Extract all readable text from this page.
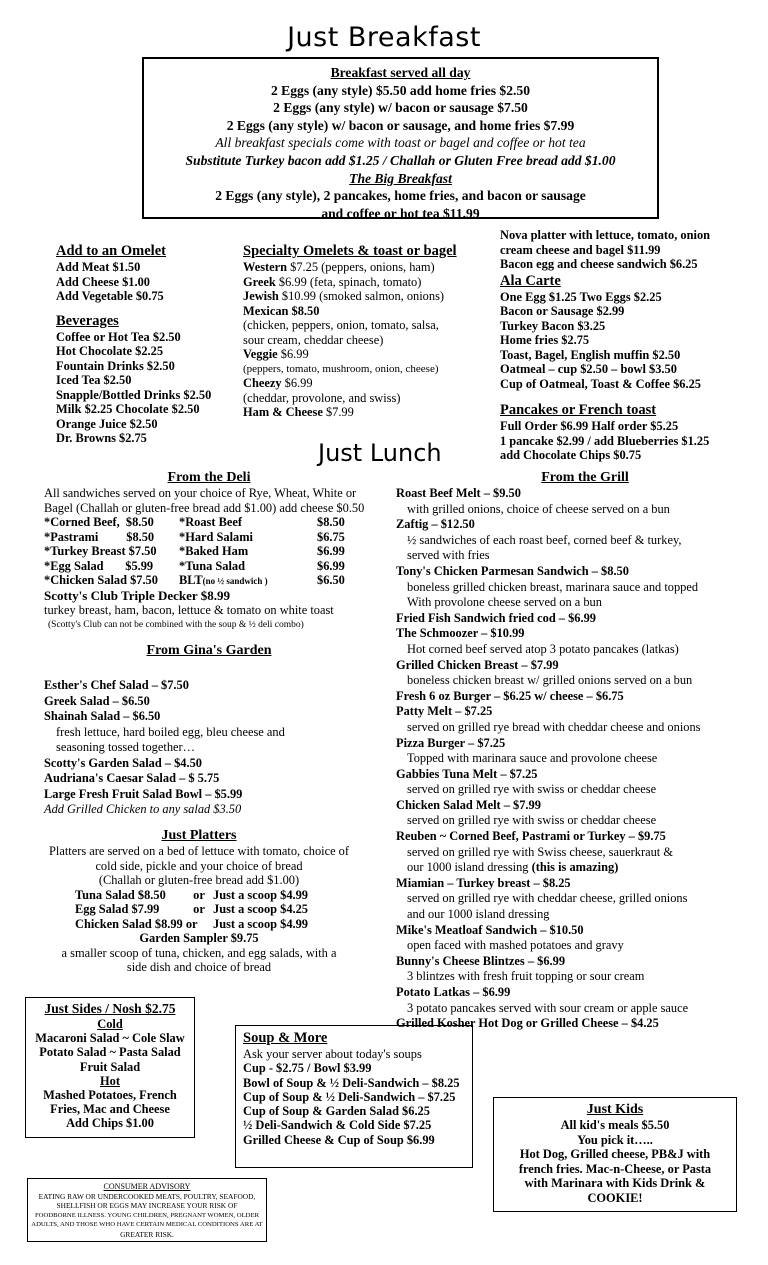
Just Breakfast
Breakfast served all day
2 Eggs (any style) $5.50 add home fries $2.50
2 Eggs (any style) w/ bacon or sausage $7.50
2 Eggs (any style) w/ bacon or sausage, and home fries $7.99
All breakfast specials come with toast or bagel and coffee or hot tea
Substitute Turkey bacon add $1.25 / Challah or Gluten Free bread add $1.00
The Big Breakfast
2 Eggs (any style), 2 pancakes, home fries, and bacon or sausage
and coffee or hot tea $11.99
Add to an Omelet
Add Meat $1.50
Add Cheese $1.00
Add Vegetable $0.75
Beverages
Coffee or Hot Tea $2.50
Hot Chocolate $2.25
Fountain Drinks $2.50
Iced Tea $2.50
Snapple/Bottled Drinks $2.50
Milk $2.25 Chocolate $2.50
Orange Juice $2.50
Dr. Browns $2.75
Specialty Omelets & toast or bagel
Western $7.25 (peppers, onions, ham)
Greek $6.99 (feta, spinach, tomato)
Jewish $10.99 (smoked salmon, onions)
Mexican $8.50
(chicken, peppers, onion, tomato, salsa,
sour cream, cheddar cheese)
Veggie $6.99
(peppers, tomato, mushroom, onion, cheese)
Cheezy $6.99
(cheddar, provolone, and swiss)
Ham & Cheese $7.99
Nova platter with lettuce, tomato, onion
cream cheese and bagel $11.99
Bacon egg and cheese sandwich $6.25
Ala Carte
One Egg $1.25 Two Eggs $2.25
Bacon or Sausage $2.99
Turkey Bacon $3.25
Home fries $2.75
Toast, Bagel, English muffin $2.50
Oatmeal – cup $2.50 – bowl $3.50
Cup of Oatmeal, Toast & Coffee $6.25
Pancakes or French toast
Full Order $6.99 Half order $5.25
1 pancake $2.99 / add Blueberries $1.25
add Chocolate Chips $0.75
Just Lunch
From the Deli
All sandwiches served on your choice of Rye, Wheat, White or
Bagel (Challah or gluten-free bread add $1.00) add cheese $0.50
*Corned Beef,  $8.50	*Roast Beef	$8.50
*Pastrami         $8.50	*Hard Salami	$6.75
*Turkey Breast $7.50	*Baked Ham	$6.99
*Egg Salad       $5.99	*Tuna Salad	$6.99
*Chicken Salad $7.50	BLT(no ½ sandwich )	$6.50
Scotty's Club Triple Decker $8.99
turkey breast, ham, bacon, lettuce & tomato on white toast
(Scotty's Club can not be combined with the soup & ½ deli combo)
From Gina's Garden
Esther's Chef Salad – $7.50
Greek Salad – $6.50
Shainah Salad – $6.50
fresh lettuce, hard boiled egg, bleu cheese and
seasoning tossed together…
Scotty's Garden Salad – $4.50
Audriana's Caesar Salad – $ 5.75
Large Fresh Fruit Salad Bowl – $5.99
Add Grilled Chicken to any salad $3.50
Just Platters
Platters are served on a bed of lettuce with tomato, choice of
cold side, pickle and your choice of bread
(Challah or gluten-free bread add $1.00)
Tuna Salad $8.50	or Just a scoop $4.99
Egg Salad $7.99	or Just a scoop $4.25
Chicken Salad $8.99 or	Just a scoop $4.99
Garden Sampler $9.75
a smaller scoop of tuna, chicken, and egg salads, with a
side dish and choice of bread
From the Grill
Roast Beef Melt – $9.50
with grilled onions, choice of cheese served on a bun
Zaftig – $12.50
½ sandwiches of each roast beef, corned beef & turkey,
served with fries
Tony's Chicken Parmesan Sandwich – $8.50
boneless grilled chicken breast, marinara sauce and topped
With provolone cheese served on a bun
Fried Fish Sandwich fried cod – $6.99
The Schmoozer – $10.99
Hot corned beef served atop 3 potato pancakes (latkas)
Grilled Chicken Breast – $7.99
boneless chicken breast w/ grilled onions served on a bun
Fresh 6 oz Burger – $6.25 w/ cheese – $6.75
Patty Melt – $7.25
served on grilled rye bread with cheddar cheese and onions
Pizza Burger – $7.25
Topped with marinara sauce and provolone cheese
Gabbies Tuna Melt – $7.25
served on grilled rye with swiss or cheddar cheese
Chicken Salad Melt – $7.99
served on grilled rye with swiss or cheddar cheese
Reuben ~ Corned Beef, Pastrami or Turkey – $9.75
served on grilled rye with Swiss cheese, sauerkraut &
our 1000 island dressing (this is amazing)
Miamian – Turkey breast – $8.25
served on grilled rye with cheddar cheese, grilled onions
and our 1000 island dressing
Mike's Meatloaf Sandwich – $10.50
open faced with mashed potatoes and gravy
Bunny's Cheese Blintzes – $6.99
3 blintzes with fresh fruit topping or sour cream
Potato Latkas – $6.99
3 potato pancakes served with sour cream or apple sauce
Grilled Kosher Hot Dog or Grilled Cheese – $4.25
Just Sides / Nosh $2.75
Cold
Macaroni Salad ~ Cole Slaw
Potato Salad ~ Pasta Salad
Fruit Salad
Hot
Mashed Potatoes, French
Fries, Mac and Cheese
Add Chips $1.00
Soup & More
Ask your server about today's soups
Cup - $2.75 / Bowl $3.99
Bowl of Soup & ½ Deli-Sandwich – $8.25
Cup of Soup & ½ Deli-Sandwich – $7.25
Cup of Soup & Garden Salad $6.25
½ Deli-Sandwich & Cold Side $7.25
Grilled Cheese & Cup of Soup $6.99
Just Kids
All kid's meals $5.50
You pick it…..
Hot Dog, Grilled cheese, PB&J with
french fries. Mac-n-Cheese, or Pasta
with Marinara with Kids Drink &
COOKIE!
CONSUMER ADVISORY
EATING RAW OR UNDERCOOKED MEATS, POULTRY, SEAFOOD,
SHELLFISH OR EGGS MAY INCREASE YOUR RISK OF
FOODBORNE ILLNESS. YOUNG CHILDREN, PREGNANT WOMEN, OLDER
ADULTS, AND THOSE WHO HAVE CERTAIN MEDICAL CONDITIONS ARE AT
GREATER RISK.
